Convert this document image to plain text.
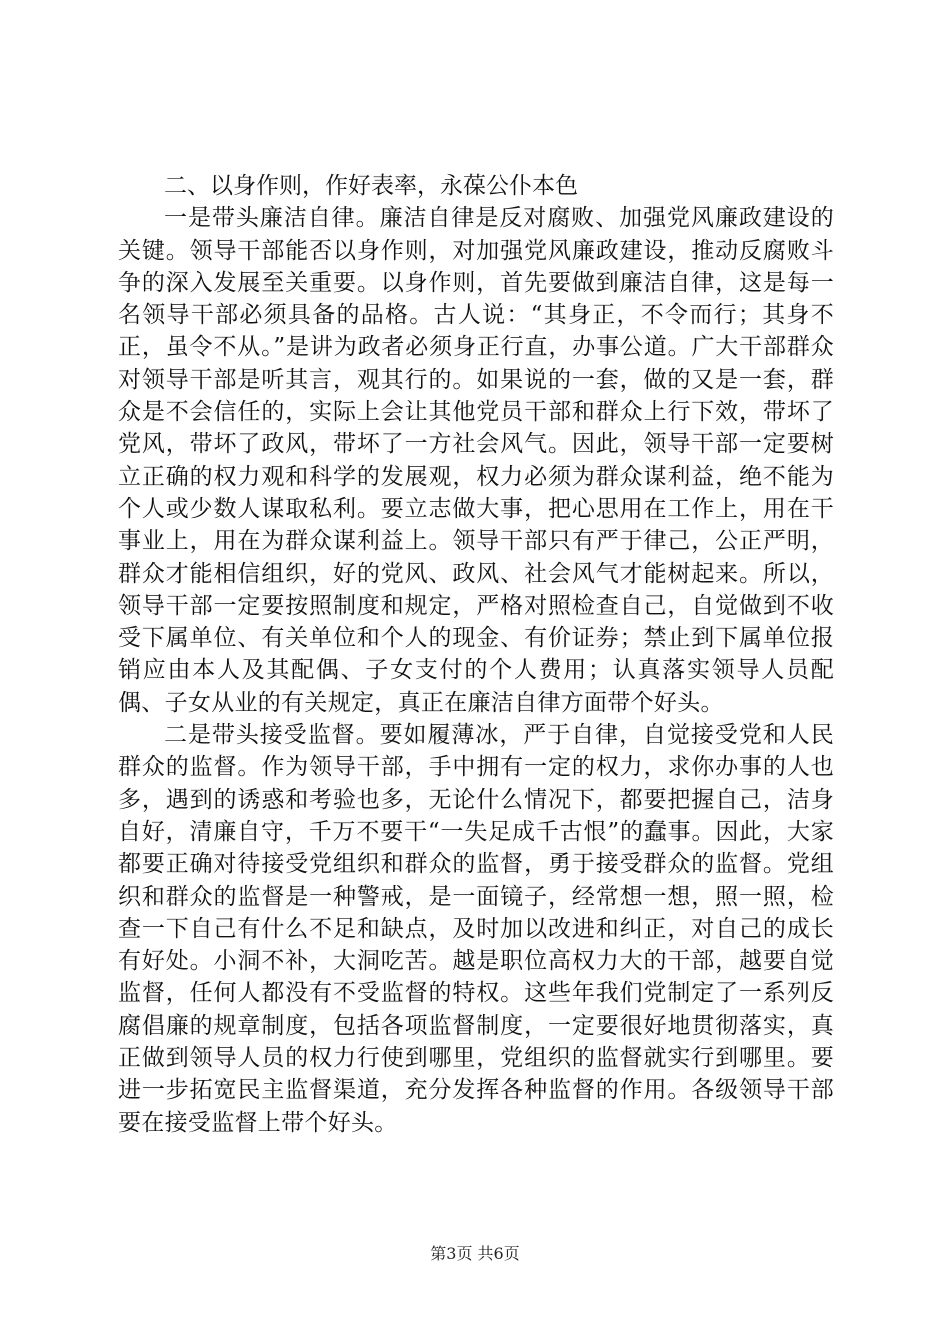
二、以身作则，作好表率，永葆公仆本色

一是带头廉洁自律。廉洁自律是反对腐败、加强党风廉政建设的关键。领导干部能否以身作则，对加强党风廉政建设，推动反腐败斗争的深入发展至关重要。以身作则，首先要做到廉洁自律，这是每一名领导干部必须具备的品格。古人说：“其身正，不令而行；其身不正，虽令不从。”是讲为政者必须身正行直，办事公道。广大干部群众对领导干部是听其言，观其行的。如果说的一套，做的又是一套，群众是不会信任的，实际上会让其他党员干部和群众上行下效，带坏了党风，带坏了政风，带坏了一方社会风气。因此，领导干部一定要树立正确的权力观和科学的发展观，权力必须为群众谋利益，绝不能为个人或少数人谋取私利。要立志做大事，把心思用在工作上，用在干事业上，用在为群众谋利益上。领导干部只有严于律己，公正严明，群众才能相信组织，好的党风、政风、社会风气才能树起来。所以，领导干部一定要按照制度和规定，严格对照检查自己，自觉做到不收受下属单位、有关单位和个人的现金、有价证券；禁止到下属单位报销应由本人及其配偶、子女支付的个人费用；认真落实领导人员配偶、子女从业的有关规定，真正在廉洁自律方面带个好头。

二是带头接受监督。要如履薄冰，严于自律，自觉接受党和人民群众的监督。作为领导干部，手中拥有一定的权力，求你办事的人也多，遇到的诱惑和考验也多，无论什么情况下，都要把握自己，洁身自好，清廉自守，千万不要干“一失足成千古恨”的蠢事。因此，大家都要正确对待接受党组织和群众的监督，勇于接受群众的监督。党组织和群众的监督是一种警戒，是一面镜子，经常想一想，照一照，检查一下自己有什么不足和缺点，及时加以改进和纠正，对自己的成长有好处。小洞不补，大洞吃苦。越是职位高权力大的干部，越要自觉监督，任何人都没有不受监督的特权。这些年我们党制定了一系列反腐倡廉的规章制度，包括各项监督制度，一定要很好地贯彻落实，真正做到领导人员的权力行使到哪里，党组织的监督就实行到哪里。要进一步拓宽民主监督渠道，充分发挥各种监督的作用。各级领导干部要在接受监督上带个好头。

第3页 共6页
